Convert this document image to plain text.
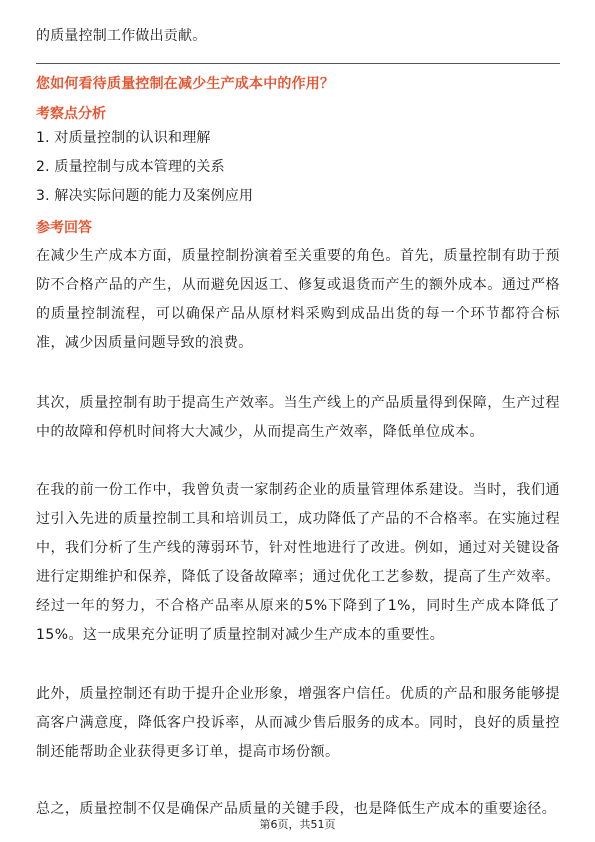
的质量控制工作做出贡献。
您如何看待质量控制在减少生产成本中的作用？
考察点分析
1. 对质量控制的认识和理解
2. 质量控制与成本管理的关系
3. 解决实际问题的能力及案例应用
参考回答

在减少生产成本方面，质量控制扮演着至关重要的角色。首先，质量控制有助于预防不合格产品的产生，从而避免因返工、修复或退货而产生的额外成本。通过严格的质量控制流程，可以确保产品从原材料采购到成品出货的每一个环节都符合标准，减少因质量问题导致的浪费。

其次，质量控制有助于提高生产效率。当生产线上的产品质量得到保障，生产过程中的故障和停机时间将大大减少，从而提高生产效率，降低单位成本。

在我的前一份工作中，我曾负责一家制药企业的质量管理体系建设。当时，我们通过引入先进的质量控制工具和培训员工，成功降低了产品的不合格率。在实施过程中，我们分析了生产线的薄弱环节，针对性地进行了改进。例如，通过对关键设备进行定期维护和保养，降低了设备故障率；通过优化工艺参数，提高了生产效率。经过一年的努力，不合格产品率从原来的5%下降到了1%，同时生产成本降低了15%。这一成果充分证明了质量控制对减少生产成本的重要性。

此外，质量控制还有助于提升企业形象，增强客户信任。优质的产品和服务能够提高客户满意度，降低客户投诉率，从而减少售后服务的成本。同时，良好的质量控制还能帮助企业获得更多订单，提高市场份额。

总之，质量控制不仅是确保产品质量的关键手段，也是降低生产成本的重要途径。

第6页，共51页
